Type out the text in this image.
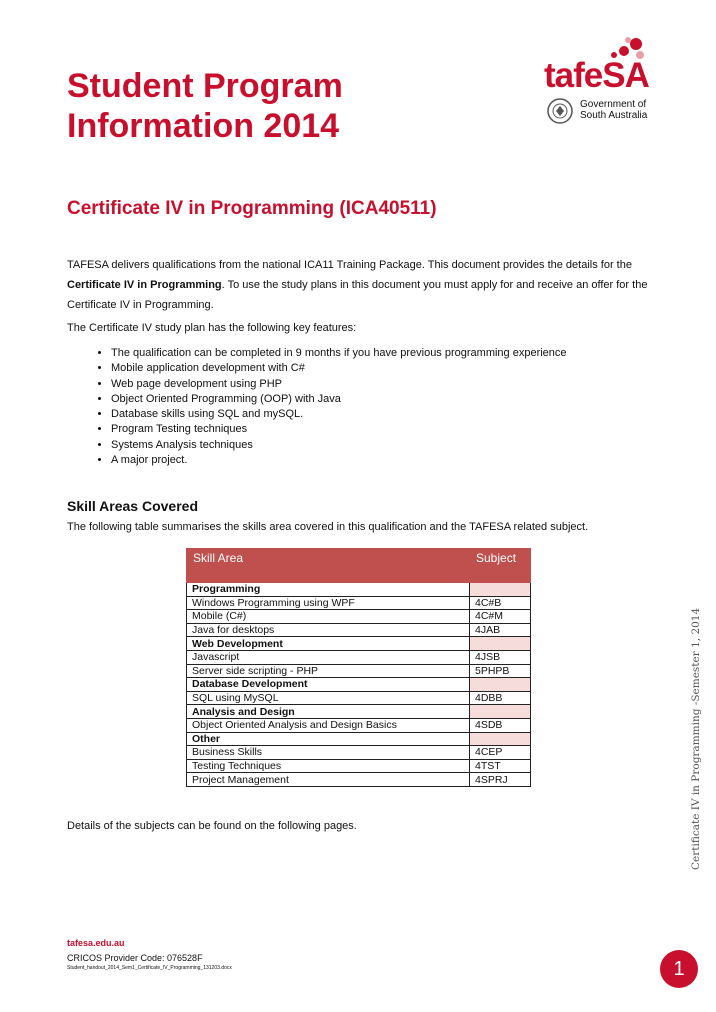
Student Program
Information 2014
tafeSA
Government of
South Australia
Certificate IV in Programming (ICA40511)

TAFESA delivers qualifications from the national ICA11 Training Package. This document provides the details for the Certificate IV in Programming. To use the study plans in this document you must apply for and receive an offer for the Certificate IV in Programming.

The Certificate IV study plan has the following key features:

• The qualification can be completed in 9 months if you have previous programming experience
• Mobile application development with C#
• Web page development using PHP
• Object Oriented Programming (OOP) with Java
• Database skills using SQL and mySQL.
• Program Testing techniques
• Systems Analysis techniques
• A major project.
Skill Areas Covered

The following table summarises the skills area covered in this qualification and the TAFESA related subject.

Skill Area	Subject
Programming	
Windows Programming using WPF	4C#B
Mobile (C#)	4C#M
Java for desktops	4JAB
Web Development	
Javascript	4JSB
Server side scripting - PHP	5PHPB
Database Development	
SQL using MySQL	4DBB
Analysis and Design	
Object Oriented Analysis and Design Basics	4SDB
Other	
Business Skills	4CEP
Testing Techniques	4TST
Project Management	4SPRJ

Details of the subjects can be found on the following pages.	Certificate IV in Programming -Semester 1, 2014

tafesa.edu.au

CRICOS Provider Code: 076528F

Student_handout_2014_Sem1_Certificate_IV_Programming_131203.docx	1
